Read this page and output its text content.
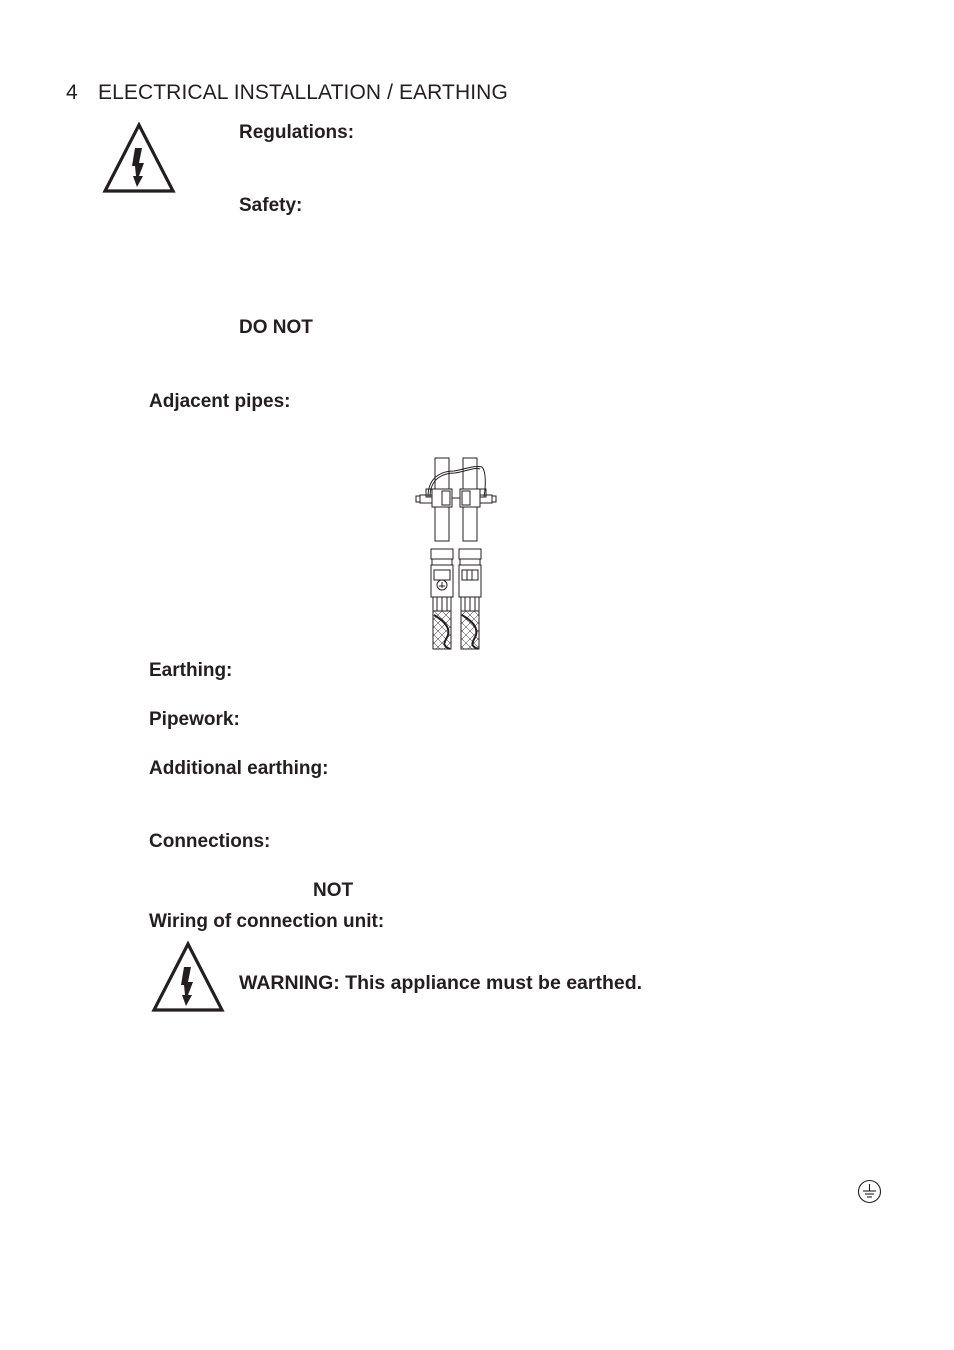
4 ELECTRICAL INSTALLATION / EARTHING
Regulations:
Safety:
DO NOT
Adjacent pipes:
Earthing:
Pipework:
Additional earthing:
Connections:
NOT
Wiring of connection unit:
WARNING: This appliance must be earthed.
